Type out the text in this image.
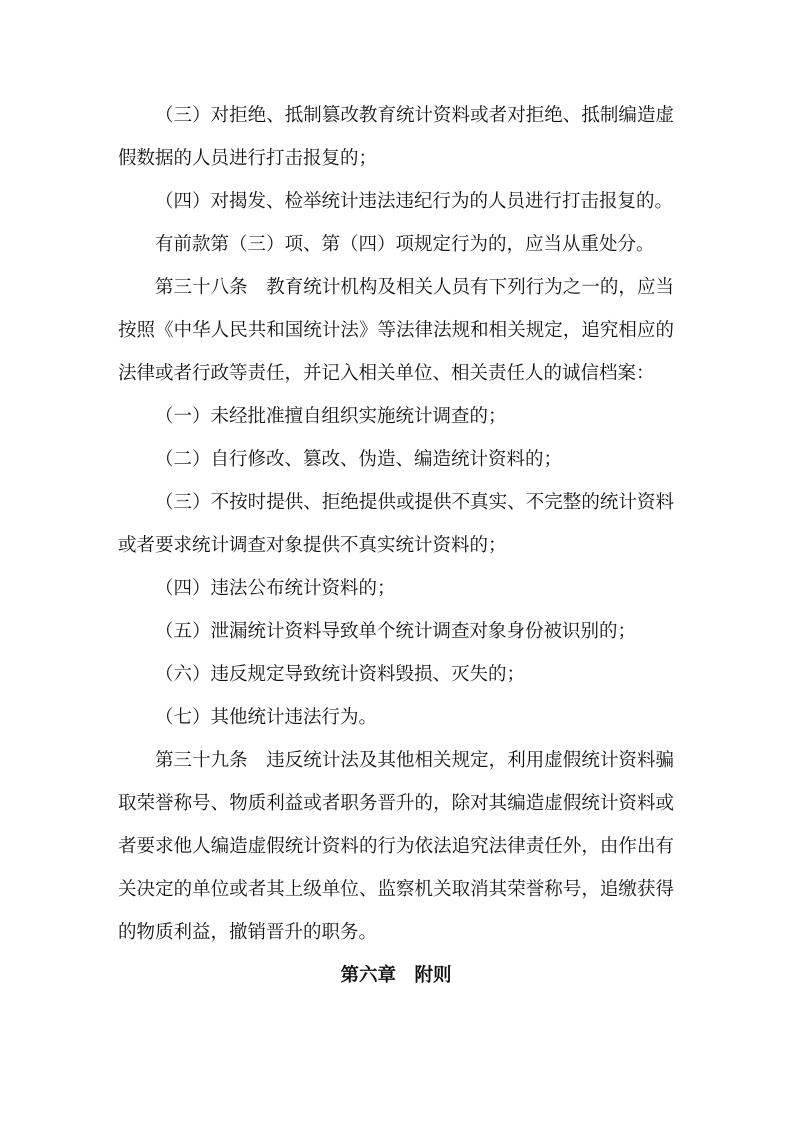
（三）对拒绝、抵制篡改教育统计资料或者对拒绝、抵制编造虚假数据的人员进行打击报复的；

（四）对揭发、检举统计违法违纪行为的人员进行打击报复的。

有前款第（三）项、第（四）项规定行为的，应当从重处分。

第三十八条　教育统计机构及相关人员有下列行为之一的，应当按照《中华人民共和国统计法》等法律法规和相关规定，追究相应的法律或者行政等责任，并记入相关单位、相关责任人的诚信档案：

（一）未经批准擅自组织实施统计调查的；

（二）自行修改、篡改、伪造、编造统计资料的；

（三）不按时提供、拒绝提供或提供不真实、不完整的统计资料或者要求统计调查对象提供不真实统计资料的；

（四）违法公布统计资料的；

（五）泄漏统计资料导致单个统计调查对象身份被识别的；

（六）违反规定导致统计资料毁损、灭失的；

（七）其他统计违法行为。

第三十九条　违反统计法及其他相关规定，利用虚假统计资料骗取荣誉称号、物质利益或者职务晋升的，除对其编造虚假统计资料或者要求他人编造虚假统计资料的行为依法追究法律责任外，由作出有关决定的单位或者其上级单位、监察机关取消其荣誉称号，追缴获得的物质利益，撤销晋升的职务。

第六章　附则
